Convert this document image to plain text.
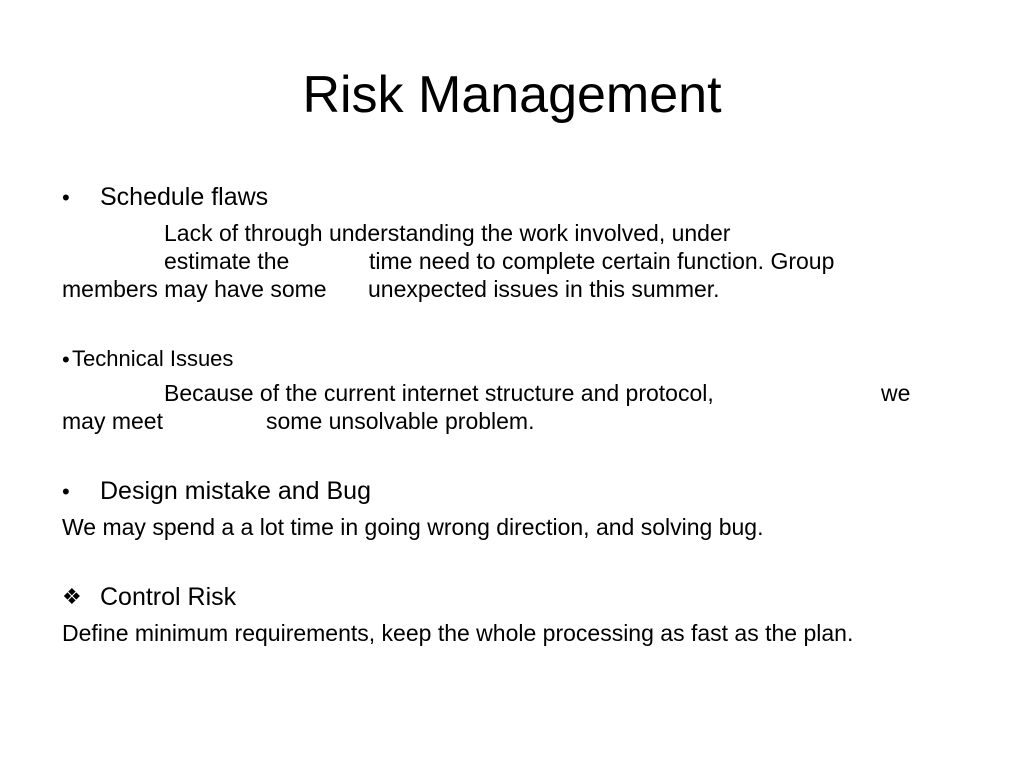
Risk Management
• Schedule flaws
Lack of through understanding the work involved, under
estimate the	time need to complete certain function. Group
members may have some unexpected issues in this summer.
• Technical Issues
Because of the current internet structure and protocol,	we
may meet	some unsolvable problem.
• Design mistake and Bug
We may spend a a lot time in going wrong direction, and solving bug.
❖ Control Risk
Define minimum requirements, keep the whole processing as fast as the plan.
